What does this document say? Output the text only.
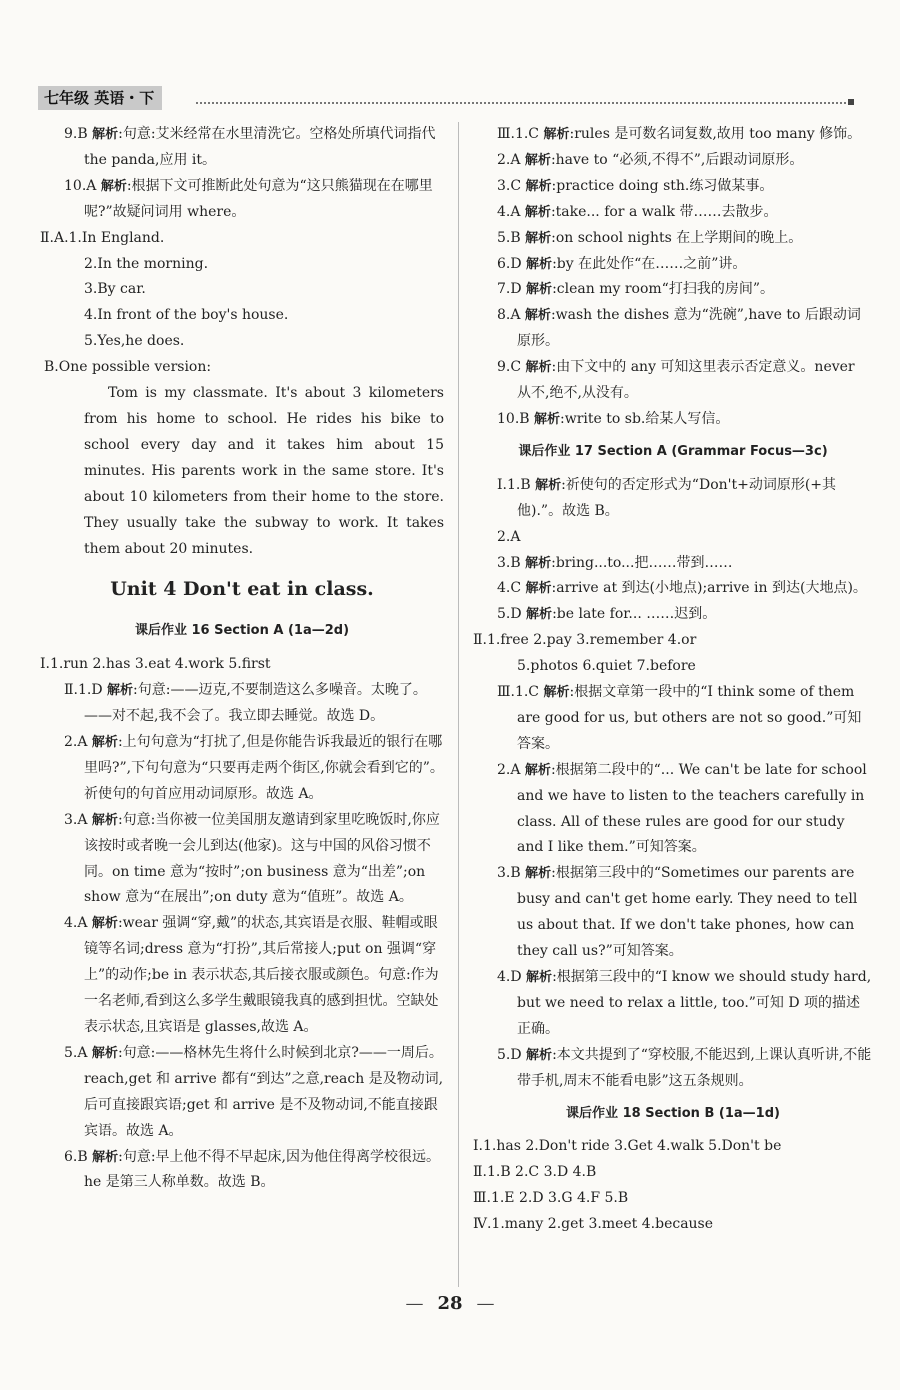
七年级 英语・下
9.B 解析:句意:艾米经常在水里清洗它。空格处所填代词指代 the panda,应用 it。
10.A 解析:根据下文可推断此处句意为“这只熊猫现在在哪里呢?”故疑问词用 where。
Ⅱ.A.1.In England.
2.In the morning.
3.By car.
4.In front of the boy's house.
5.Yes,he does.
B.One possible version:
Tom is my classmate. It's about 3 kilometers from his home to school. He rides his bike to school every day and it takes him about 15 minutes. His parents work in the same store. It's about 10 kilometers from their home to the store. They usually take the subway to work. It takes them about 20 minutes.
Unit 4 Don't eat in class.
课后作业 16 Section A (1a—2d)
Ⅰ.1.run 2.has 3.eat 4.work 5.first
Ⅱ.1.D 解析:句意:——迈克,不要制造这么多噪音。太晚了。——对不起,我不会了。我立即去睡觉。故选 D。
2.A 解析:上句句意为“打扰了,但是你能告诉我最近的银行在哪里吗?”,下句句意为“只要再走两个街区,你就会看到它的”。祈使句的句首应用动词原形。故选 A。
3.A 解析:句意:当你被一位美国朋友邀请到家里吃晚饭时,你应该按时或者晚一会儿到达(他家)。这与中国的风俗习惯不同。on time 意为“按时”;on business 意为“出差”;on show 意为“在展出”;on duty 意为“值班”。故选 A。
4.A 解析:wear 强调“穿,戴”的状态,其宾语是衣服、鞋帽或眼镜等名词;dress 意为“打扮”,其后常接人;put on 强调“穿上”的动作;be in 表示状态,其后接衣服或颜色。句意:作为一名老师,看到这么多学生戴眼镜我真的感到担忧。空缺处表示状态,且宾语是 glasses,故选 A。
5.A 解析:句意:——格林先生将什么时候到北京?——一周后。reach,get 和 arrive 都有“到达”之意,reach 是及物动词,后可直接跟宾语;get 和 arrive 是不及物动词,不能直接跟宾语。故选 A。
6.B 解析:句意:早上他不得不早起床,因为他住得离学校很远。he 是第三人称单数。故选 B。
Ⅲ.1.C 解析:rules 是可数名词复数,故用 too many 修饰。
2.A 解析:have to “必须,不得不”,后跟动词原形。
3.C 解析:practice doing sth.练习做某事。
4.A 解析:take... for a walk 带……去散步。
5.B 解析:on school nights 在上学期间的晚上。
6.D 解析:by 在此处作“在……之前”讲。
7.D 解析:clean my room“打扫我的房间”。
8.A 解析:wash the dishes 意为“洗碗”,have to 后跟动词原形。
9.C 解析:由下文中的 any 可知这里表示否定意义。never 从不,绝不,从没有。
10.B 解析:write to sb.给某人写信。
课后作业 17 Section A (Grammar Focus—3c)
Ⅰ.1.B 解析:祈使句的否定形式为“Don't+动词原形(+其他).”。故选 B。
2.A
3.B 解析:bring...to...把……带到……
4.C 解析:arrive at 到达(小地点);arrive in 到达(大地点)。
5.D 解析:be late for... ……迟到。
Ⅱ.1.free 2.pay 3.remember 4.or
5.photos 6.quiet 7.before
Ⅲ.1.C 解析:根据文章第一段中的“I think some of them are good for us, but others are not so good.”可知答案。
2.A 解析:根据第二段中的“... We can't be late for school and we have to listen to the teachers carefully in class. All of these rules are good for our study and I like them.”可知答案。
3.B 解析:根据第三段中的“Sometimes our parents are busy and can't get home early. They need to tell us about that. If we don't take phones, how can they call us?”可知答案。
4.D 解析:根据第三段中的“I know we should study hard, but we need to relax a little, too.”可知 D 项的描述正确。
5.D 解析:本文共提到了“穿校服,不能迟到,上课认真听讲,不能带手机,周末不能看电影”这五条规则。
课后作业 18 Section B (1a—1d)
Ⅰ.1.has 2.Don't ride 3.Get 4.walk 5.Don't be
Ⅱ.1.B 2.C 3.D 4.B
Ⅲ.1.E 2.D 3.G 4.F 5.B
Ⅳ.1.many 2.get 3.meet 4.because
— 28 —
